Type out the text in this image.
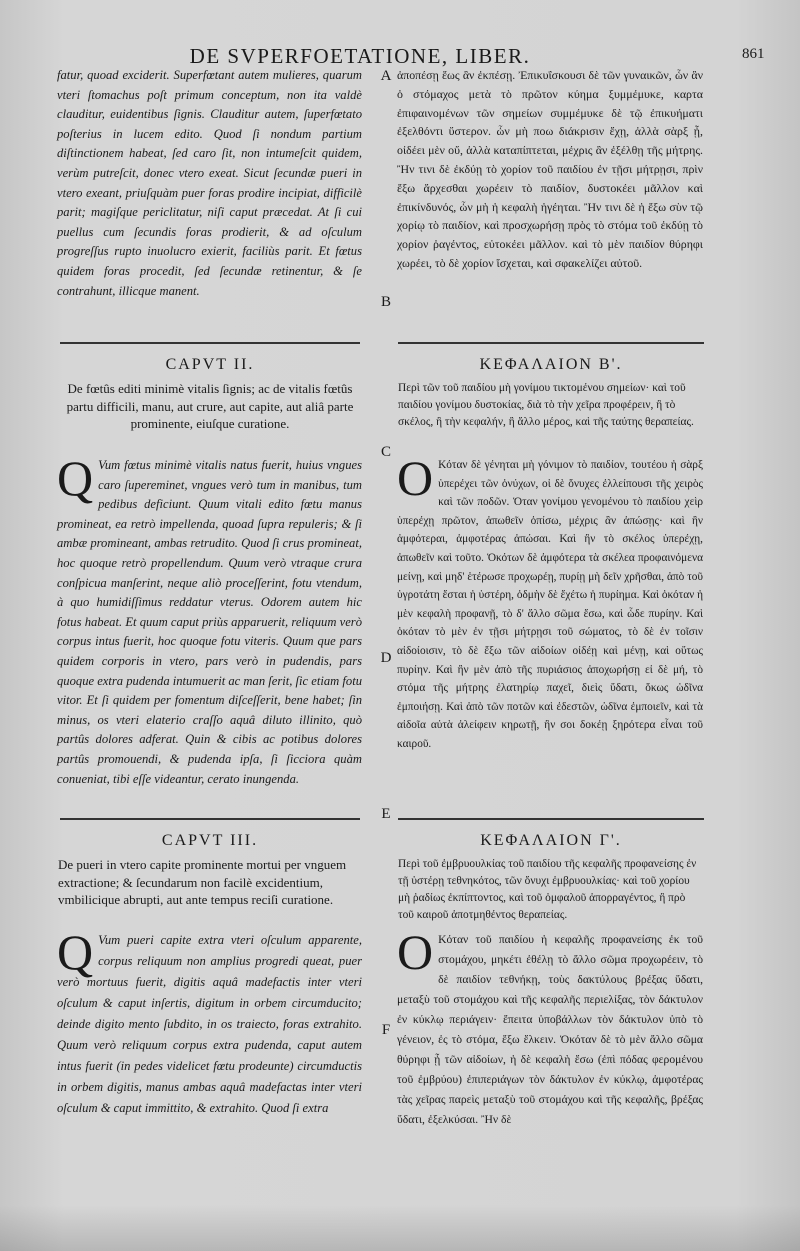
DE SVPERFOETATIONE, LIBER.	861

fatur, quoad exciderit. Superfœtant autem mulieres, quarum vteri ſtomachus poſt primum conceptum, non ita valdè clauditur, euidentibus ſignis. Clauditur autem, ſuperfœtato poſterius in lucem edito. Quod ſi nondum partium diſtinctionem habeat, ſed caro ſit, non intumeſcit quidem, verùm putreſcit, donec vtero exeat. Sicut ſecundæ pueri in vtero exeant, priuſquàm puer foras prodire incipiat, difficilè parit; magiſque periclitatur, niſi caput præcedat. At ſi cui puellus cum ſecundis foras prodierit, & ad oſculum progreſſus rupto inuolucro exierit, faciliùs parit. Et fœtus quidem foras procedit, ſed ſecundæ retinentur, & ſe contrahunt, illicque manent.

ἀποπέσῃ ἕως ἂν ἐκπέσῃ. Ἐπικυΐσκουσι δὲ τῶν γυναικῶν, ὧν ἂν ὁ στόμαχος μετὰ τὸ πρῶτον κύημα ξυμμέμυκε, καρτα ἐπιφαινομένων τῶν σημείων συμμέμυκε δὲ τῷ ἐπικυήματι ἐξελθόντι ὕστερον. ὧν μὴ ποω διάκρισιν ἔχῃ, ἀλλὰ σὰρξ ᾖ, οἰδέει μὲν οὔ, ἀλλὰ καταπίπτεται, μέχρις ἂν ἐξέλθῃ τῆς μήτρης. Ἢν τινι δὲ ἐκδύῃ τὸ χορίον τοῦ παιδίου ἐν τῇσι μήτρῃσι, πρὶν ἔξω ἄρχεσθαι χωρέειν τὸ παιδίον, δυστοκέει μᾶλλον καὶ ἐπικίνδυνός, ὧν μὴ ἡ κεφαλὴ ἡγέηται. Ἢν τινι δὲ ἡ ἔξω σὺν τῷ χορίῳ τὸ παιδίον, καὶ προσχωρήσῃ πρὸς τὸ στόμα τοῦ ἐκδύῃ τὸ χορίον ῥαγέντος, εὐτοκέει μᾶλλον. καὶ τὸ μὲν παιδίον θύρηφι χωρέει, τὸ δὲ χορίον ἴσχεται, καὶ σφακελίζει αὐτοῦ.

A
B
CAPVT II.	ΚΕΦΑΛΑΙΟΝ Β'.
De fœtûs editi minimè vitalis ſignis; ac de vitalis fœtûs partu difficili, manu, aut crure, aut capite, aut aliâ parte prominente, eiuſque curatione.
Περὶ τῶν τοῦ παιδίου μὴ γονίμου τικτομένου σημείων· καὶ τοῦ παιδίου γονίμου δυστοκίας, διὰ τὸ τὴν χεῖρα προφέρειν, ἢ τὸ σκέλος, ἢ τὴν κεφαλήν, ἢ ἄλλο μέρος, καὶ τῆς ταύτης θεραπείας.
C

Q Vum fœtus minimè vitalis natus fuerit, huius vngues caro ſupereminet, vngues verò tum in manibus, tum pedibus deficiunt. Quum vitali edito fœtu manus promineat, ea retrò impellenda, quoad ſupra repuleris; & ſi ambæ promineant, ambas retrudito. Quod ſi crus promineat, hoc quoque retrò propellendum. Quum verò vtraque crura conſpicua manſerint, neque aliò proceſſerint, fotu vtendum, à quo humidiſſimus reddatur vterus. Odorem autem hic fotus habeat. Et quum caput priùs apparuerit, reliquum verò corpus intus fuerit, hoc quoque fotu viteris. Quum que pars quidem corporis in vtero, pars verò in pudendis, pars quoque extra pudenda intumuerit ac man ſerit, ſic etiam fotu vitor. Et ſi quidem per fomentum diſceſſerit, bene habet; ſin minus, os vteri elaterio craſſo aquâ diluto illinito, quò partûs dolores adferat. Quin & cibis ac potibus dolores partûs promouendi, & pudenda ipſa, ſi ſicciora quàm conueniat, tibi eſſe videantur, cerato inungenda.

Ο Κόταν δὲ γένηται μὴ γόνιμον τὸ παιδίον, τουτέου ἡ σὰρξ ὑπερέχει τῶν ὀνύχων, οἱ δὲ ὄνυχες ἐλλείπουσι τῆς χειρὸς καὶ τῶν ποδῶν. Ὁταν γονίμου γενομένου τὸ παιδίου χεὶρ ὑπερέχῃ πρῶτον, ἀπωθεῖν ὀπίσω, μέχρις ἂν ἀπώσῃς· καὶ ἢν ἀμφότεραι, ἀμφοτέρας ἀπώσαι. Καὶ ἢν τὸ σκέλος ὑπερέχῃ, ἀπωθεῖν καὶ τοῦτο. Ὁκότων δὲ ἀμφότερα τὰ σκέλεα προφαινόμενα μείνῃ, καὶ μηδ' ἑτέρωσε προχωρέῃ, πυρίῃ μὴ δεῖν χρῆσθαι, ἀπὸ τοῦ ὑγροτάτη ἔσται ἡ ὑστέρη, ὀδμὴν δὲ ἔχέτω ἡ πυρίημα. Καὶ ὁκόταν ἡ μὲν κεφαλὴ προφανῇ, τὸ δ' ἄλλο σῶμα ἔσω, καὶ ὧδε πυρίην. Καὶ ὁκόταν τὸ μὲν ἐν τῇσι μήτρῃσι τοῦ σώματος, τὸ δὲ ἐν τοῖσιν αἰδοίοισιν, τὸ δὲ ἔξω τῶν αἰδοίων οἰδέῃ καὶ μένῃ, καὶ οὕτως πυρίην. Καὶ ἢν μὲν ἀπὸ τῆς πυριάσιος ἀποχωρήσῃ εἰ δὲ μή, τὸ στόμα τῆς μήτρης ἐλατηρίῳ παχεῖ, διεὶς ὕδατι, ὅκως ὠδῖνα ἐμποιήσῃ. Καὶ ἀπὸ τῶν ποτῶν καὶ ἐδεστῶν, ὠδῖνα ἐμποιεῖν, καὶ τὰ αἰδοῖα αὐτὰ ἀλείφειν κηρωτῇ, ἢν σοι δοκέῃ ξηρότερα εἶναι τοῦ καιροῦ.

D
E
CAPVT III.	ΚΕΦΑΛΑΙΟΝ Γ'.
De pueri in vtero capite prominente mortui per vnguem extractione; & ſecundarum non facilè excidentium, vmbilicique abrupti, aut ante tempus reciſi curatione.
Περὶ τοῦ ἐμβρυουλκίας τοῦ παιδίου τῆς κεφαλῆς προφανείσης ἐν τῇ ὑστέρῃ τεθνηκότος, τῶν ὄνυχι ἐμβρυουλκίας· καὶ τοῦ χορίου μὴ ῥαδίως ἐκπίπτοντος, καὶ τοῦ ὀμφαλοῦ ἀπορραγέντος, ἢ πρὸ τοῦ καιροῦ ἀποτμηθέντος θεραπείας.

Q Vum pueri capite extra vteri oſculum apparente, corpus reliquum non amplius progredi queat, puer verò mortuus fuerit, digitis aquâ madefactis inter vteri oſculum & caput inſertis, digitum in orbem circumducito; deinde digito mento ſubdito, in os traiecto, foras extrahito. Quum verò reliquum corpus extra pudenda, caput autem intus fuerit (in pedes videlicet fœtu prodeunte) circumductis in orbem digitis, manus ambas aquâ madefactas inter vteri oſculum & caput immittito, & extrahito. Quod ſi extra

Ο Κόταν τοῦ παιδίου ἡ κεφαλῆς προφανείσης ἐκ τοῦ στομάχου, μηκέτι ἐθέλῃ τὸ ἄλλο σῶμα προχωρέειν, τὸ δὲ παιδίον τεθνήκῃ, τοὺς δακτύλους βρέξας ὕδατι, μεταξὺ τοῦ στομάχου καὶ τῆς κεφαλῆς περιελίξας, τὸν δάκτυλον ἐν κύκλῳ περιάγειν· ἔπειτα ὑποβάλλων τὸν δάκτυλον ὑπὸ τὸ γένειον, ἐς τὸ στόμα, ἔξω ἕλκειν. Ὁκόταν δὲ τὸ μὲν ἄλλο σῶμα θύρηφι ᾖ τῶν αἰδοίων, ἡ δὲ κεφαλὴ ἔσω (ἐπὶ πόδας φερομένου τοῦ ἐμβρύου) ἐπιπεριάγων τὸν δάκτυλον ἐν κύκλῳ, ἀμφοτέρας τὰς χεῖρας παρεὶς μεταξὺ τοῦ στομάχου καὶ τῆς κεφαλῆς, βρέξας ὕδατι, ἐξελκύσαι. Ἢν δὲ

F
